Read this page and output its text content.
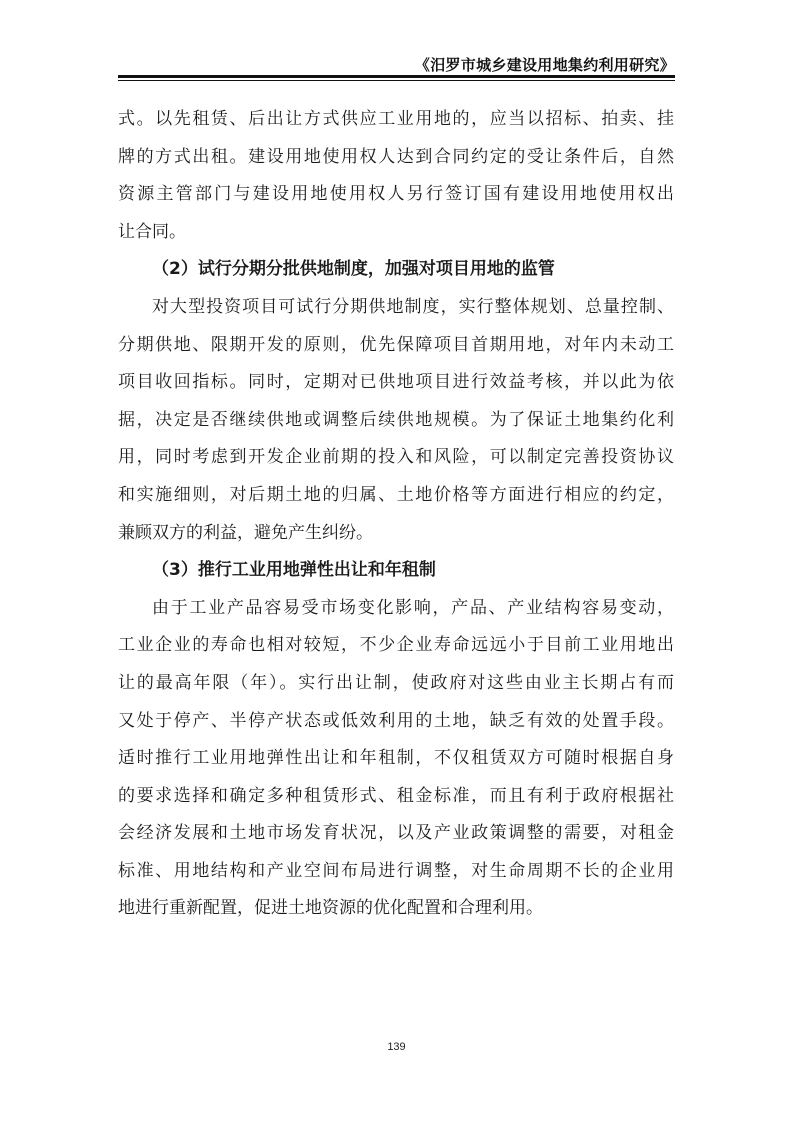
《汨罗市城乡建设用地集约利用研究》
式。以先租赁、后出让方式供应工业用地的，应当以招标、拍卖、挂
牌的方式出租。建设用地使用权人达到合同约定的受让条件后，自然
资源主管部门与建设用地使用权人另行签订国有建设用地使用权出
让合同。
（2）试行分期分批供地制度，加强对项目用地的监管
对大型投资项目可试行分期供地制度，实行整体规划、总量控制、
分期供地、限期开发的原则，优先保障项目首期用地，对年内未动工
项目收回指标。同时，定期对已供地项目进行效益考核，并以此为依
据，决定是否继续供地或调整后续供地规模。为了保证土地集约化利
用，同时考虑到开发企业前期的投入和风险，可以制定完善投资协议
和实施细则，对后期土地的归属、土地价格等方面进行相应的约定，
兼顾双方的利益，避免产生纠纷。
（3）推行工业用地弹性出让和年租制
由于工业产品容易受市场变化影响，产品、产业结构容易变动，
工业企业的寿命也相对较短，不少企业寿命远远小于目前工业用地出
让的最高年限（年）。实行出让制，使政府对这些由业主长期占有而
又处于停产、半停产状态或低效利用的土地，缺乏有效的处置手段。
适时推行工业用地弹性出让和年租制，不仅租赁双方可随时根据自身
的要求选择和确定多种租赁形式、租金标准，而且有利于政府根据社
会经济发展和土地市场发育状况，以及产业政策调整的需要，对租金
标准、用地结构和产业空间布局进行调整，对生命周期不长的企业用
地进行重新配置，促进土地资源的优化配置和合理利用。
139
